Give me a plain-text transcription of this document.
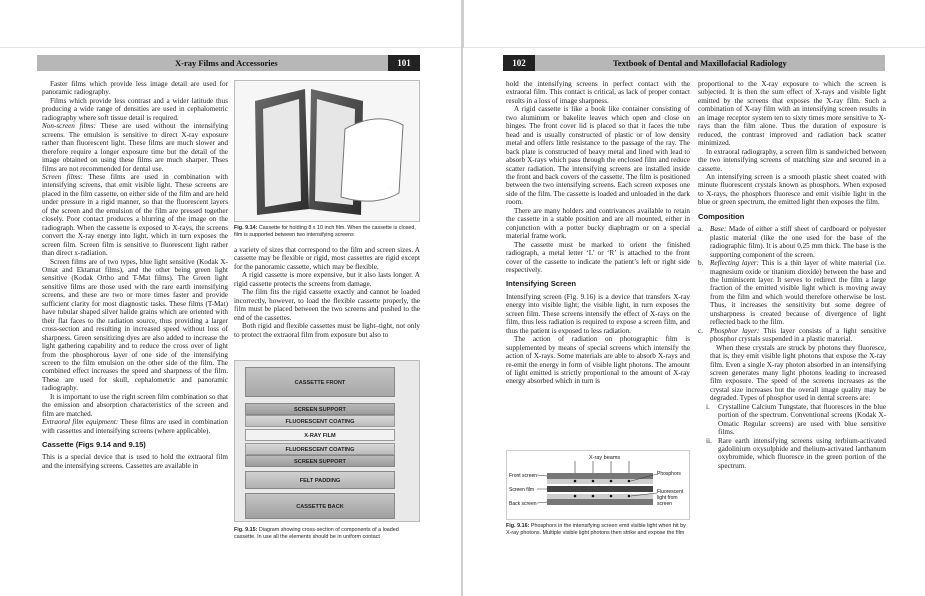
X-ray Films and Accessories	101	102	Textbook of Dental and Maxillofacial Radiology

Faster films which provide less image detail are used for panoramic radiography.

Films which provide less contrast and a wider latitude thus producing a wide range of densities are used in cephalometric radiography where soft tissue detail is required.

Non-screen films: These are used without the intensifying screens. The emulsion is sensitive to direct X-ray exposure rather than fluorescent light. These films are much slower and therefore require a longer exposure time but the detail of the image obtained on using these films are much sharper. Thses films are not recommended for dental use.

Screen films: These films are used in combination with intensifying screens, that emit visible light. These screens are placed in the film cassette, on either side of the film and are held under pressure in a rigid manner, so that the fluorescent layers of the screen and the emulsion of the film are pressed together closely. Poor contact produces a blurring of the image on the radiograph. When the cassette is exposed to X-rays, the screens convert the X-ray energy into light, which in turn exposes the screen film. Screen film is sensitive to fluorescent light rather than direct x-radiation.

Screen films are of two types, blue light sensitive (Kodak X-Omat and Ektamat films), and the other being green light sensitive (Kodak Ortho and T-Mat films). The Green light sensitive films are those used with the rare earth intensifying screens, and these are two or more times faster and provide sufficient clarity for most diagnostic tasks. These films (T-Mat) have tubular shaped silver halide grains which are oriented with their flat faces to the radiation source, thus providing a larger cross-section and resulting in increased speed without loss of sharpness. Green sensitizing dyes are also added to increase the light gathering capability and to reduce the cross over of light from the phosphorous layer of one side of the intensifying screen to the film emulsion on the other side of the film. The combined effect increases the speed and sharpness of the film. These are used for skull, cephalometric and panoramic radiography.

It is important to use the right screen film combination so that the emission and absorption characteristics of the screen and film are matched.

Extraoral film equipment: These films are used in combination with cassettes and intensifying screens (where applicable).

Cassette (Figs 9.14 and 9.15)

This is a special device that is used to hold the extraoral film and the intensifying screens. Cassettes are available in

Fig. 9.14: Cassette for holding 8 x 10 inch film. When the cassette is closed, film is supported between two intensifying screens

a variety of sizes that correspond to the film and screen sizes. A cassette may be flexible or rigid, most cassettes are rigid except for the panoramic cassette, which may be flexible.

A rigid cassette is more expensive, but it also lasts longer. A rigid cassette protects the screens from damage.

The film fits the rigid cassette exactly and cannot be loaded incorrectly, however, to load the flexible cassette properly, the film must be placed between the two screens and pushed to the end of the cassettes.

Both rigid and flexible cassettes must be light–tight, not only to protect the extraoral film from exposure but also to

CASSETTE FRONT
SCREEN SUPPORT
FLUORESCENT COATING
X-RAY FILM
FLUORESCENT COATING
SCREEN SUPPORT
FELT PADDING
CASSETTE BACK
Fig. 9.15: Diagram showing cross-section of components of a loaded cassette. In use all the elements should be in uniform contact

hold the intensifying screens in perfect contact with the extraoral film. This contact is critical, as lack of proper contact results in a loss of image sharpness.

A rigid cassette is like a book like container consisting of two aluminum or bakelite leaves which open and close on hinges. The front cover lid is placed so that it faces the tube head and is usually constructed of plastic or of low density metal and offers little resistance to the passage of the ray. The back plate is constructed of heavy metal and lined with lead to absorb X-rays which pass through the enclosed film and reduce scatter radiation. The intensifying screens are installed inside the front and back covers of the cassette. The film is positioned between the two intensifying screens. Each screen exposes one side of the film. The cassette is loaded and unloaded in the dark room.

There are many holders and contrivances available to retain the cassette in a stable position and are all mounted, either in conjunction with a potter bucky diaphragm or on a special material frame work.

The cassette must be marked to orient the finished radiograph, a metal letter ‘L’ or ‘R’ is attached to the front cover of the cassette to indicate the patient’s left or right side respectively.

Intensifying Screen

Intensifying screen (Fig. 9.16) is a device that transfers X-ray energy into visible light; the visible light, in turn exposes the screen film. These screens intensify the effect of X-rays on the film, thus less radiation is required to expose a screen film, and thus the patient is exposed to less radiation.

The action of radiation on photographic film is supplemented by means of special screens which intensify the action of X-rays. Some materials are able to absorb X-rays and re-emit the energy in form of visible light photons. The amount of light emitted is strictly proportional to the amount of X-ray energy absorbed which in turn is

X-ray beams
Front screen
Screen film
Back screen
Phosphors
Fluorescent light from screen
Fig. 9.16: Phosphors in the intensifying screen emit visible light when hit by X-ray photons. Multiple visible light photons then strike and expose the film

proportional to the X-ray exposure to which the screen is subjected. It is then the sum effect of X-rays and visible light emitted by the screens that exposes the X-ray film. Such a combination of X-ray film with an intensifying screen results in an image receptor system ten to sixty times more sensitive to X-rays than the film alone. Thus the duration of exposure is reduced, the contrast improved and radiation back scatter minimized.

In extraoral radiography, a screen film is sandwiched between the two intensifying screens of matching size and secured in a cassette.

An intensifying screen is a smooth plastic sheet coated with minute fluorescent crystals known as phosphors. When exposed to X-rays, the phosphors fluoresce and emit visible light in the blue or green spectrum, the emitted light then exposes the film.

Composition

a. Base: Made of either a stiff sheet of cardboard or polyester plastic material (like the one used for the base of the radiographic film). It is about 0.25 mm thick. The base is the supporting component of the screen.

b. Reflecting layer: This is a thin layer of white material (i.e. magnesium oxide or titanium dioxide) between the base and the luminiscent layer. It serves to redirect the film a large fraction of the emitted visible light which is moving away from the film and which would therefore otherwise be lost. Thus, it increases the sensitivity but some degree of unsharpness is created because of divergence of light reflected back to the film.

c. Phosphor layer: This layer consists of a light sensitive phosphor crystals suspended in a plastic material.

When these crystals are struck by photons they fluoresce, that is, they emit visible light photons that expose the X-ray film. Even a single X-ray photon absorbed in an intensifying screen generates many light photons leading to increased film exposure. The speed of the screens increases as the crystal size increases but the overall image quality may be degraded. Types of phosphor used in dental screens are:

i. Crystalline Calcium Tungstate, that fluoresces in the blue portion of the spectrum. Conventional screens (Kodak X-Omatic Regular screens) are used with blue sensitive films.

ii. Rare earth intensifying screens using terbium-activated gadolinium oxysulphide and thelium-activated lanthanum oxybromide, which fluoresce in the green portion of the spectrum.
